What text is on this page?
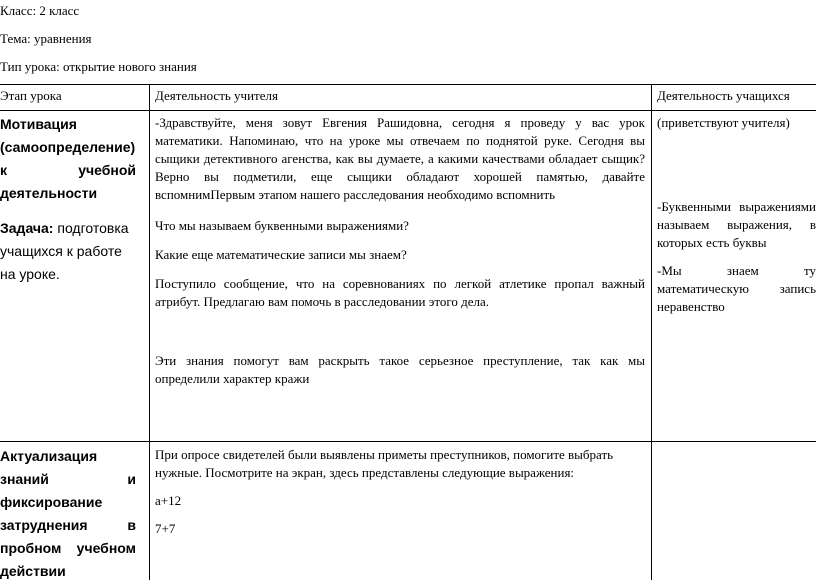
Класс: 2 класс
Тема: уравнения
Тип урока: открытие нового знания
Этап урока	Деятельность учителя	Деятельность учащихся
Мотивация
(самоопределение)
к учебной
деятельности
Задача: подготовка
учащихся к работе
на уроке.
-Здравствуйте, меня зовут Евгения Рашидовна, сегодня я проведу у вас урок математики. Напоминаю, что на уроке мы отвечаем по поднятой руке. Сегодня вы сыщики детективного агенства, как вы думаете, а какими качествами обладает сыщик? Верно вы подметили, еще сыщики обладают хорошей памятью, давайте вспомнимПервым этапом нашего расследования необходимо вспомнить
Что мы называем буквенными выражениями?
Какие еще математические записи мы знаем?
Поступило сообщение, что на соревнованиях по легкой атлетике пропал важный атрибут. Предлагаю вам помочь в расследовании этого дела.
Эти знания помогут вам раскрыть такое серьезное преступление, так как мы определили характер кражи
(приветствуют учителя)
-Буквенными выражениями называем выражения, в которых есть буквы
-Мы знаем ту математическую запись неравенство
Актуализация
знаний и
фиксирование
затруднения в
пробном учебном
действии
При опросе свидетелей были выявлены приметы преступников, помогите выбрать нужные. Посмотрите на экран, здесь представлены следующие выражения:
а+12
7+7
